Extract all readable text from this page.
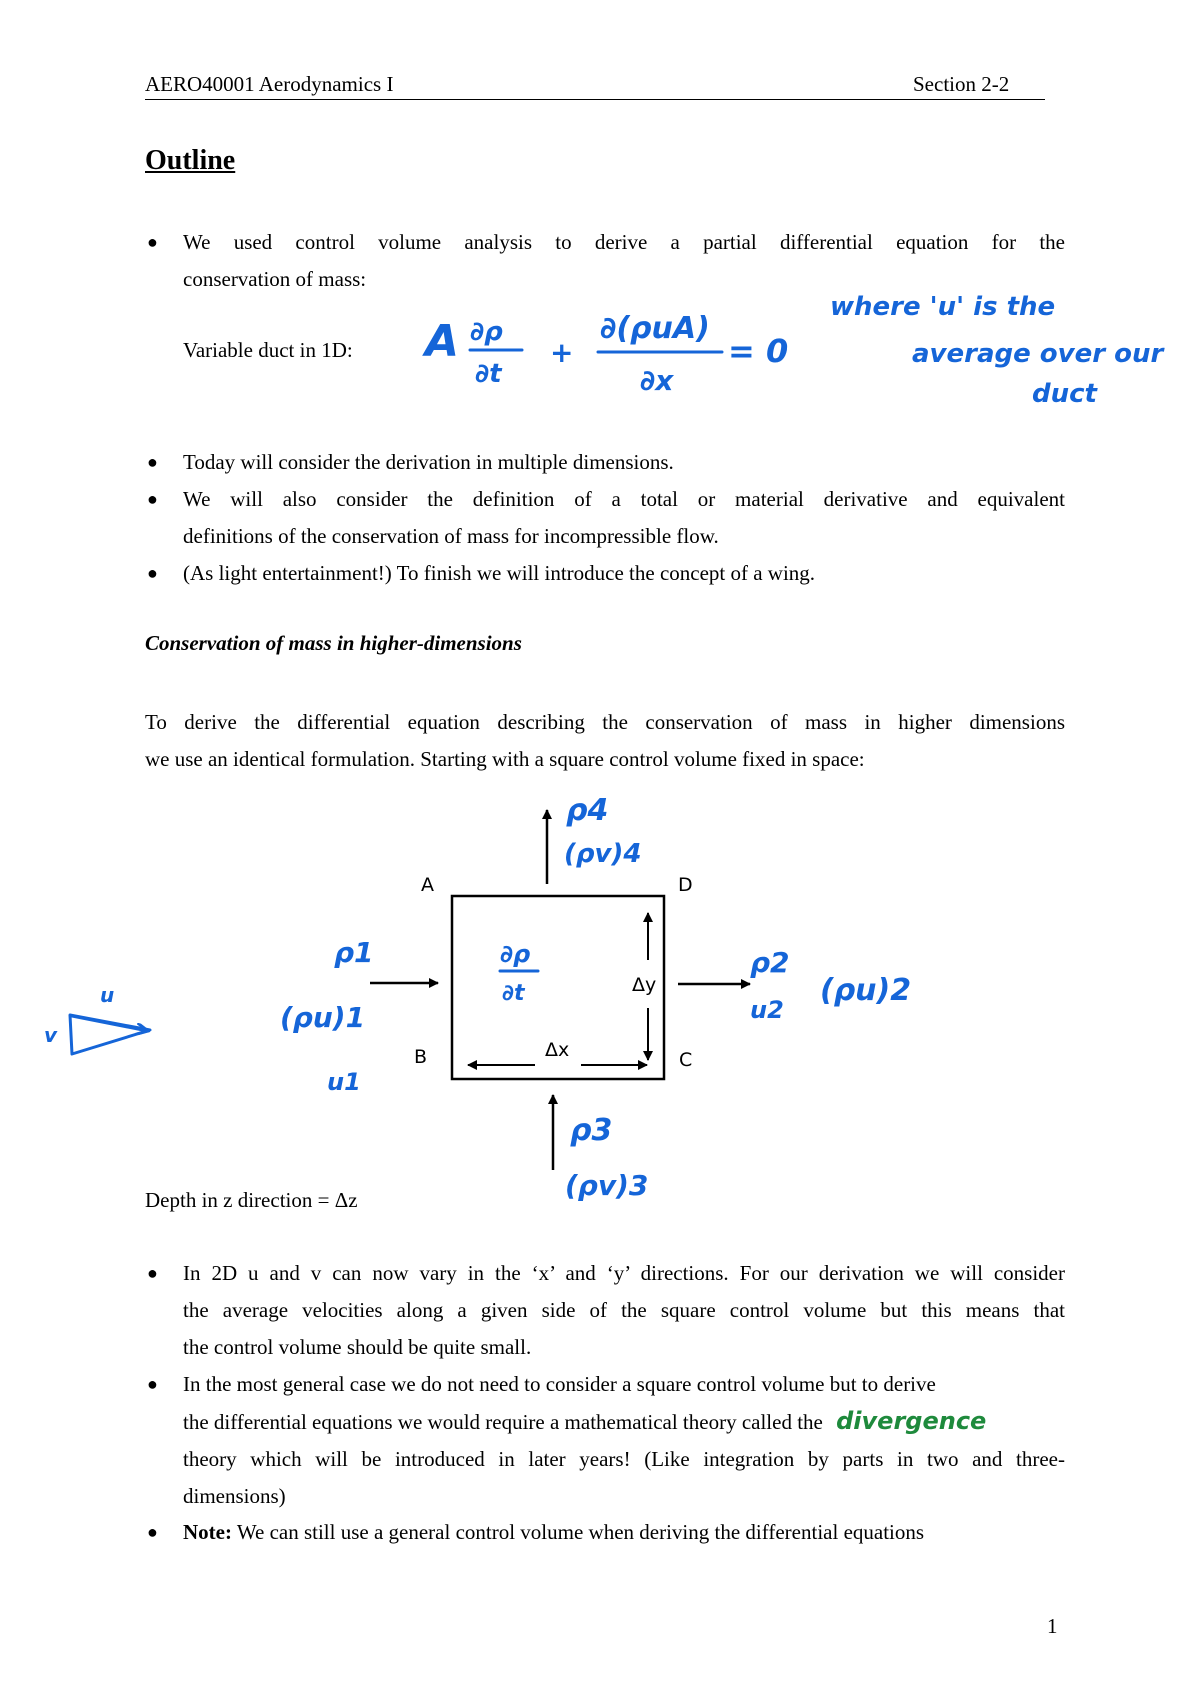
AERO40001 Aerodynamics I	Section 2-2
Outline
● We used control volume analysis to derive a partial differential equation for the
conservation of mass:
Variable duct in 1D: A ∂ρ
∂t
+
∂(ρuA)
∂x
= 0
where 'u' is the
average over our
duct
● Today will consider the derivation in multiple dimensions.
● We will also consider the definition of a total or material derivative and equivalent
definitions of the conservation of mass for incompressible flow.
● (As light entertainment!) To finish we will introduce the concept of a wing.
Conservation of mass in higher-dimensions
To derive the differential equation describing the conservation of mass in higher dimensions
we use an identical formulation. Starting with a square control volume fixed in space:
A	D
B	C
Δy
Δx
ρ4
(ρv)4
ρ1
(ρu)1
u1
∂ρ
∂t
ρ2
u2
(ρu)2
ρ3
(ρv)3
u
v
Depth in z direction = Δz
● In 2D u and v can now vary in the ‘x’ and ‘y’ directions. For our derivation we will consider
the average velocities along a given side of the square control volume but this means that
the control volume should be quite small.
● In the most general case we do not need to consider a square control volume but to derive
the differential equations we would require a mathematical theory called the divergence
theory which will be introduced in later years! (Like integration by parts in two and three-
dimensions)
● Note: We can still use a general control volume when deriving the differential equations
1
